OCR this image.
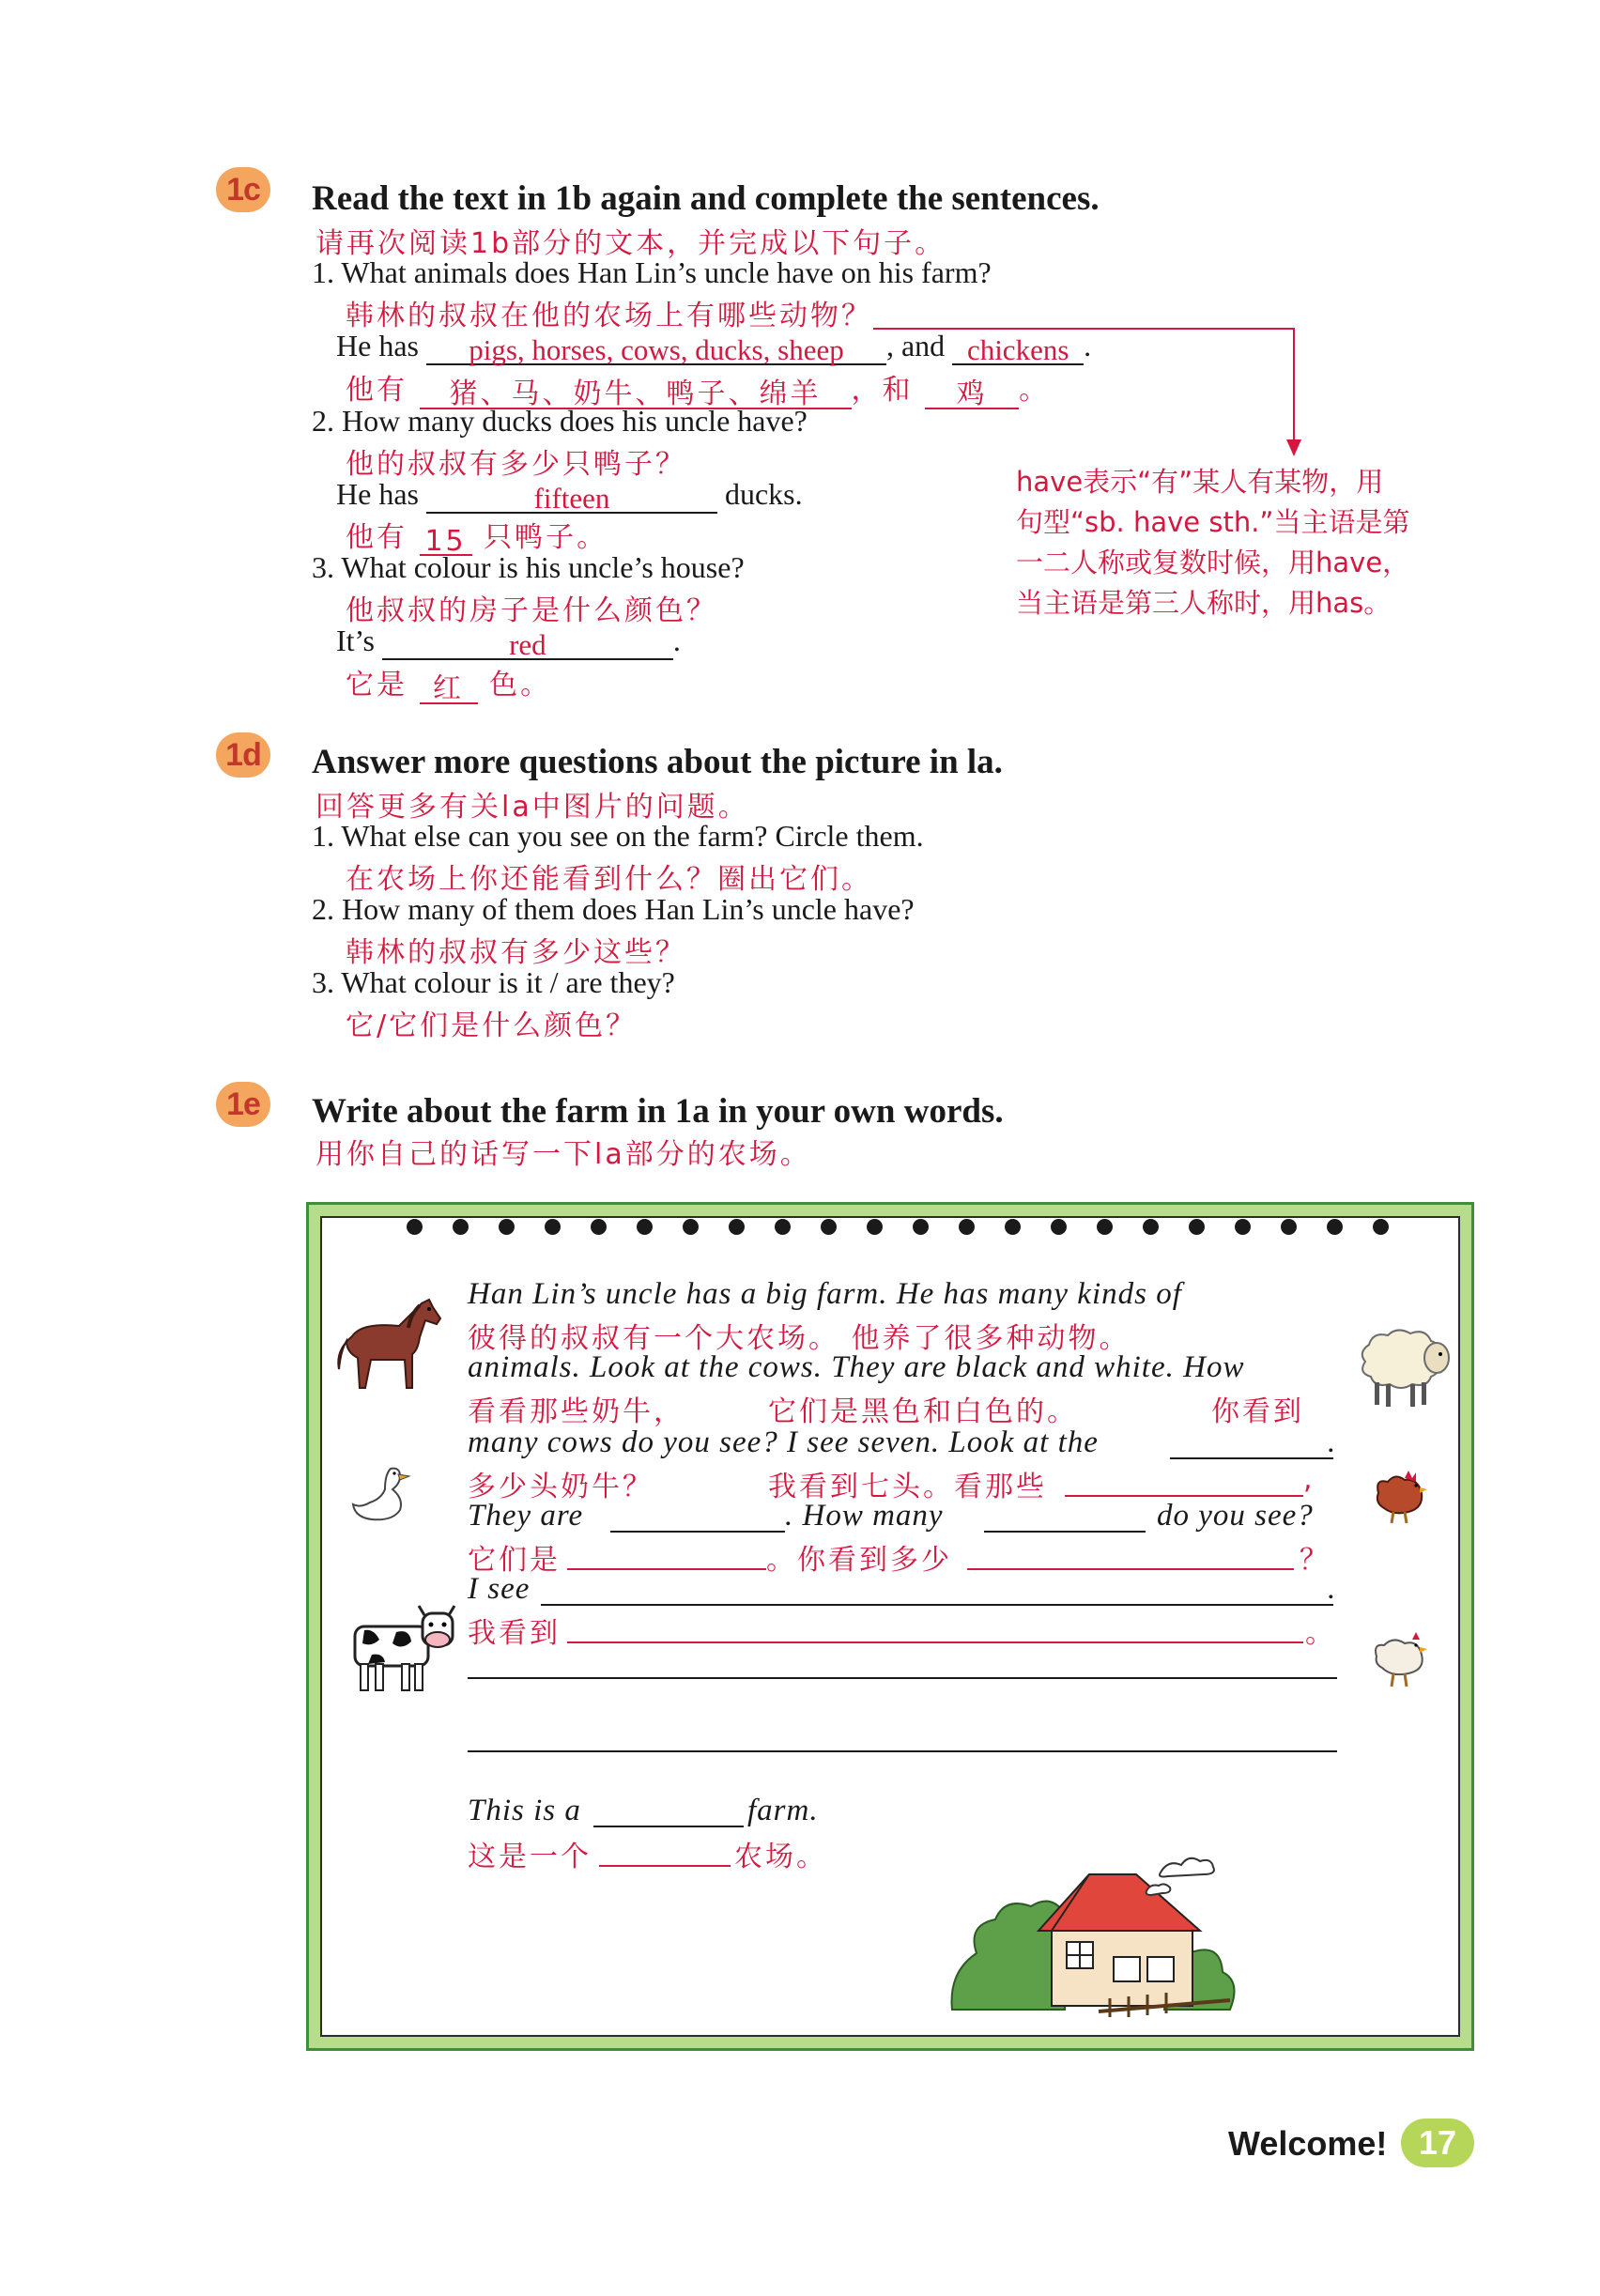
1c Read the text in 1b again and complete the sentences.
请再次阅读1b部分的文本，并完成以下句子。
1. What animals does Han Lin’s uncle have on his farm?
韩林的叔叔在他的农场上有哪些动物？
He has pigs, horses, cows, ducks, sheep , and chickens .
他有 猪、马、奶牛、鸭子、绵羊 ，和 鸡 。
2. How many ducks does his uncle have?
他的叔叔有多少只鸭子？
He has	fifteen	ducks.
他有 15 只鸭子。
3. What colour is his uncle’s house?
他叔叔的房子是什么颜色？
It’s	red	.
它是 红 色。
have表示“有”某人有某物，用
句型“sb. have sth.”当主语是第
一二人称或复数时候，用have，
当主语是第三人称时，用has。
1d Answer more questions about the picture in la.
回答更多有关la中图片的问题。
1. What else can you see on the farm? Circle them.
在农场上你还能看到什么？圈出它们。
2. How many of them does Han Lin’s uncle have?
韩林的叔叔有多少这些？
3. What colour is it / are they?
它/它们是什么颜色？
1e Write about the farm in 1a in your own words.
用你自己的话写一下la部分的农场。
Han Lin’s uncle has a big farm. He has many kinds of
彼得的叔叔有一个大农场。 他养了很多种动物。
animals. Look at the cows. They are black and white. How
看看那些奶牛，	它们是黑色和白色的。	你看到
many cows do you see? I see seven. Look at the	.
多少头奶牛？	我看到七头。看那些	,
They are	. How many	do you see?
它们是	。你看到多少	？
I see	.
我看到	。
This is a	farm.
这是一个	农场。
Welcome! 17
